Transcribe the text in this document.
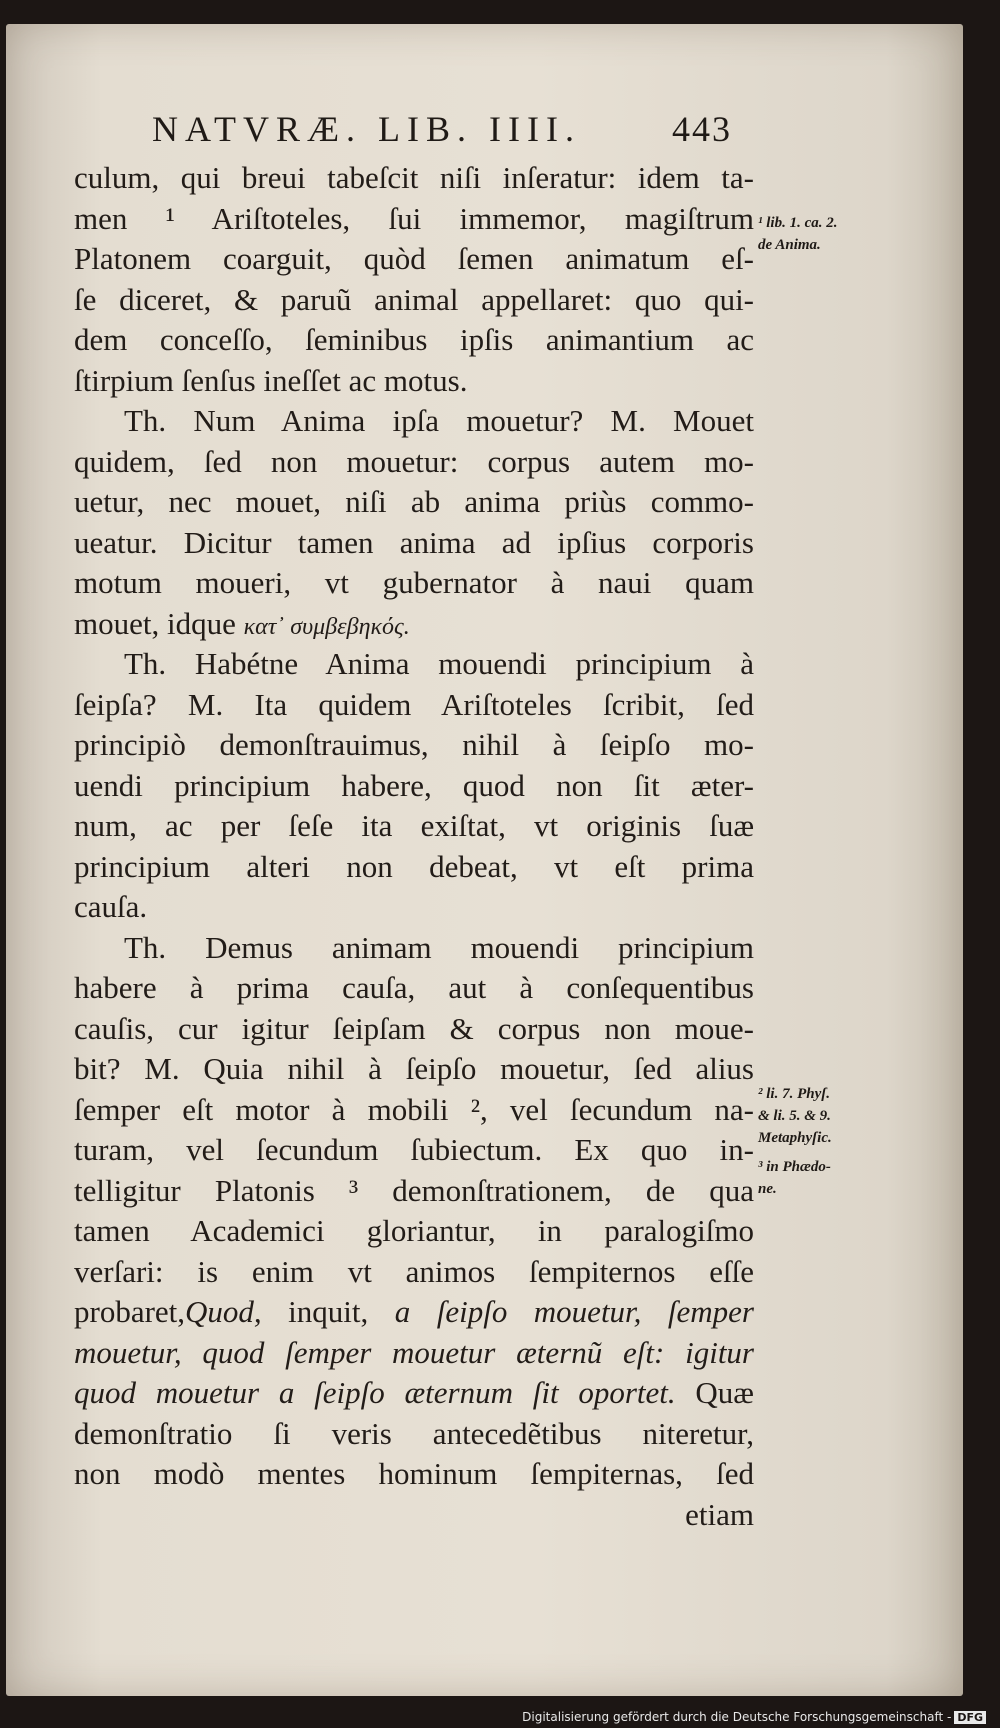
NATVRÆ. LIB. IIII.	443
culum, qui breui tabeſcit niſi inſeratur: idem ta-
men ¹ Ariſtoteles, ſui immemor, magiſtrum
Platonem coarguit, quòd ſemen animatum eſ-
ſe diceret, & paruũ animal appellaret: quo qui-
dem conceſſo, ſeminibus ipſis animantium ac
ſtirpium ſenſus ineſſet ac motus.
Th. Num Anima ipſa mouetur? M. Mouet
quidem, ſed non mouetur: corpus autem mo-
uetur, nec mouet, niſi ab anima priùs commo-
ueatur. Dicitur tamen anima ad ipſius corporis
motum moueri, vt gubernator à naui quam
mouet, idque κατ᾿ συμβεβηκός.
Th. Habétne Anima mouendi principium à
ſeipſa? M. Ita quidem Ariſtoteles ſcribit, ſed
principiò demonſtrauimus, nihil à ſeipſo mo-
uendi principium habere, quod non ſit æter-
num, ac per ſeſe ita exiſtat, vt originis ſuæ
principium alteri non debeat, vt eſt prima
cauſa.
Th. Demus animam mouendi principium
habere à prima cauſa, aut à conſequentibus
cauſis, cur igitur ſeipſam & corpus non moue-
bit? M. Quia nihil à ſeipſo mouetur, ſed alius
ſemper eſt motor à mobili ², vel ſecundum na-
turam, vel ſecundum ſubiectum. Ex quo in-
telligitur Platonis ³ demonſtrationem, de qua
tamen Academici gloriantur, in paralogiſmo
verſari: is enim vt animos ſempiternos eſſe
probaret,Quod, inquit, a ſeipſo mouetur, ſemper
mouetur, quod ſemper mouetur æternũ eſt: igitur
quod mouetur a ſeipſo æternum ſit oportet. Quæ
demonſtratio ſi veris antecedẽtibus niteretur,
non modò mentes hominum ſempiternas, ſed
etiam
¹ lib. 1. ca. 2.
de Anima.
² li. 7. Phyſ.
& li. 5. & 9.
Metaphyſic.
³ in Phædo-
ne.
Digitalisierung gefördert durch die Deutsche Forschungsgemeinschaft - DFG
